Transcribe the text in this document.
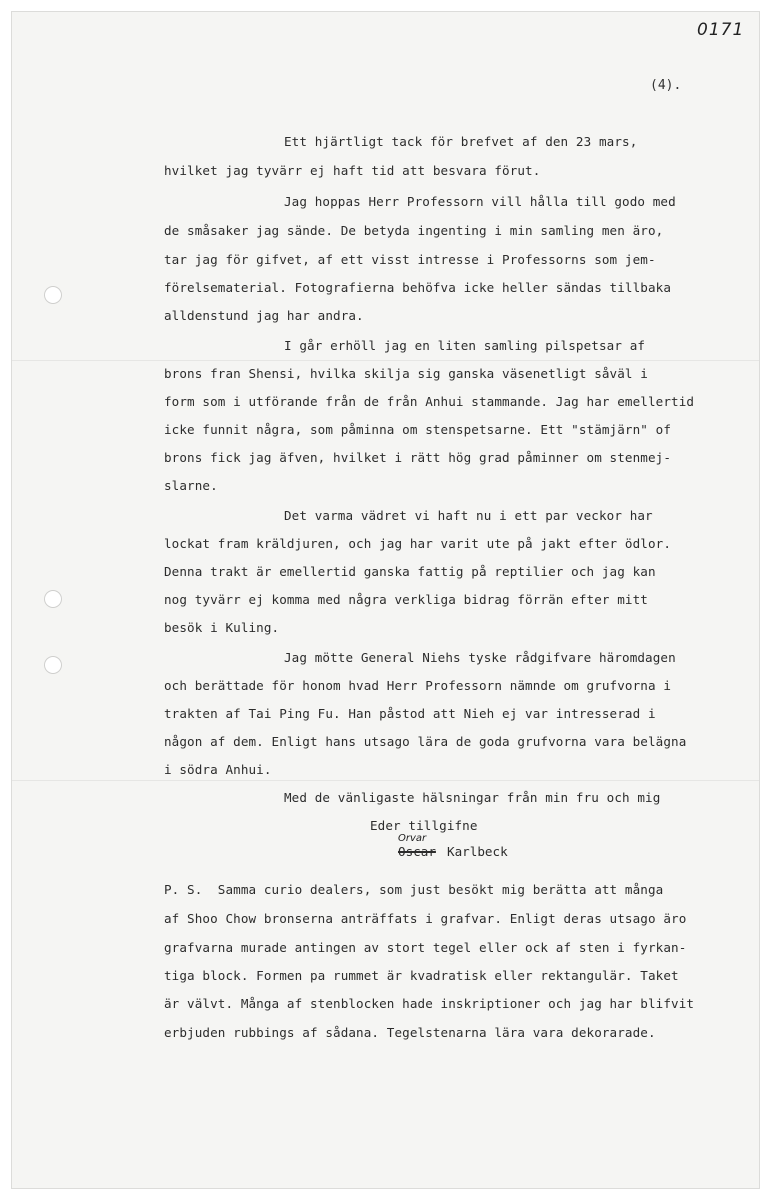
0171
(4).
Ett hjärtligt tack för brefvet af den 23 mars,
hvilket jag tyvärr ej haft tid att besvara förut.
Jag hoppas Herr Professorn vill hålla till godo med
de småsaker jag sände. De betyda ingenting i min samling men äro,
tar jag för gifvet, af ett visst intresse i Professorns som jem-
förelsematerial. Fotografierna behöfva icke heller sändas tillbaka
alldenstund jag har andra.
I går erhöll jag en liten samling pilspetsar af
brons fran Shensi, hvilka skilja sig ganska väsenetligt såväl i
form som i utförande från de från Anhui stammande. Jag har emellertid
icke funnit några, som påminna om stenspetsarne. Ett "stämjärn" of
brons fick jag äfven, hvilket i rätt hög grad påminner om stenmej-
slarne.
Det varma vädret vi haft nu i ett par veckor har
lockat fram kräldjuren, och jag har varit ute på jakt efter ödlor.
Denna trakt är emellertid ganska fattig på reptilier och jag kan
nog tyvärr ej komma med några verkliga bidrag förrän efter mitt
besök i Kuling.
Jag mötte General Niehs tyske rådgifvare häromdagen
och berättade för honom hvad Herr Professorn nämnde om grufvorna i
trakten af Tai Ping Fu. Han påstod att Nieh ej var intresserad i
någon af dem. Enligt hans utsago lära de goda grufvorna vara belägna
i södra Anhui.
Med de vänligaste hälsningar från min fru och mig
Eder tillgifne
Orvar
Oscar Karlbeck
P. S.  Samma curio dealers, som just besökt mig berätta att många
af Shoo Chow bronserna anträffats i grafvar. Enligt deras utsago äro
grafvarna murade antingen av stort tegel eller ock af sten i fyrkan-
tiga block. Formen pa rummet är kvadratisk eller rektangulär. Taket
är välvt. Många af stenblocken hade inskriptioner och jag har blifvit
erbjuden rubbings af sådana. Tegelstenarna lära vara dekorarade.
